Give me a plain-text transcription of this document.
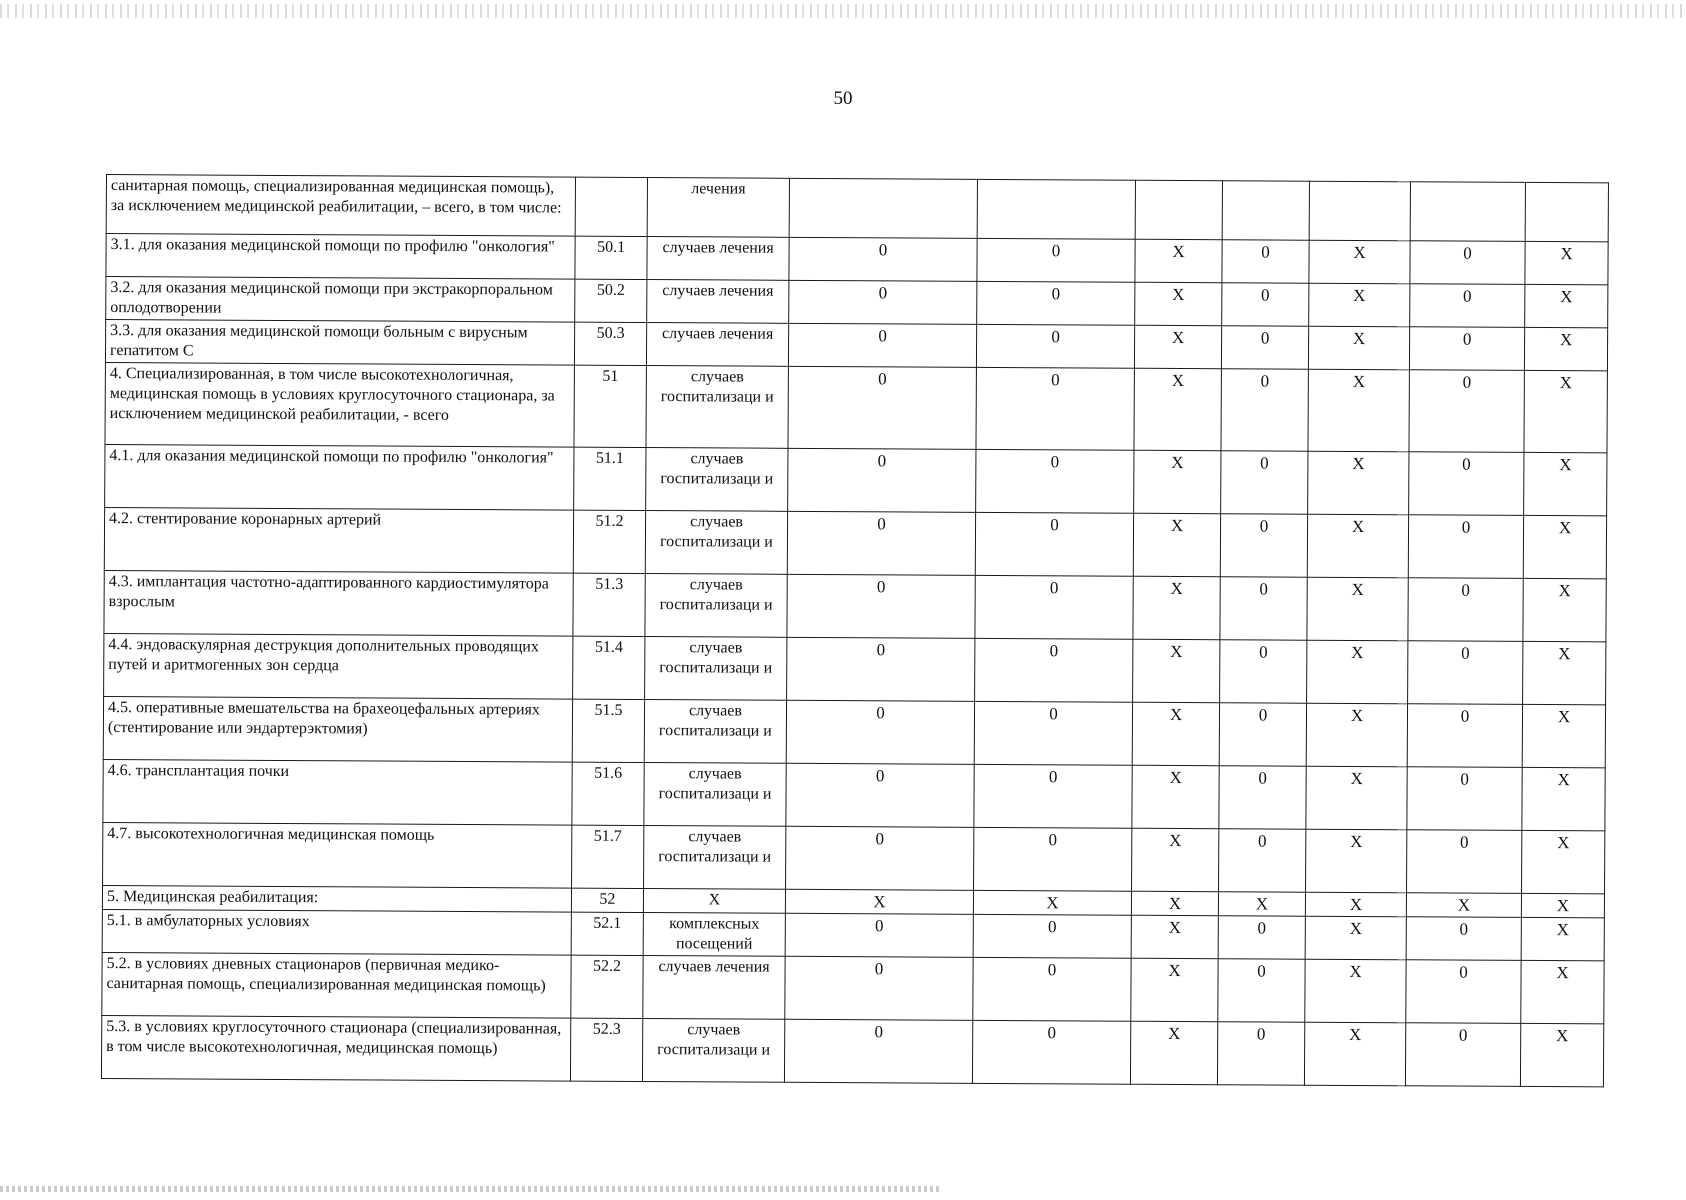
50
санитарная помощь, специализированная медицинская помощь), за исключением медицинской реабилитации, – всего, в том числе:		лечения							
3.1. для оказания медицинской помощи по профилю "онкология"	50.1	случаев лечения	0	0	X	0	X	0	X
3.2. для оказания медицинской помощи при экстракорпоральном оплодотворении	50.2	случаев лечения	0	0	X	0	X	0	X
3.3. для оказания медицинской помощи больным с вирусным гепатитом С	50.3	случаев лечения	0	0	X	0	X	0	X
4. Специализированная, в том числе высокотехнологичная, медицинская помощь в условиях круглосуточного стационара, за исключением медицинской реабилитации, - всего	51	случаев госпитализаци и	0	0	X	0	X	0	X
4.1. для оказания медицинской помощи по профилю "онкология"	51.1	случаев госпитализаци и	0	0	X	0	X	0	X
4.2. стентирование коронарных артерий	51.2	случаев госпитализаци и	0	0	X	0	X	0	X
4.3. имплантация частотно-адаптированного кардиостимулятора взрослым	51.3	случаев госпитализаци и	0	0	X	0	X	0	X
4.4. эндоваскулярная деструкция дополнительных проводящих путей и аритмогенных зон сердца	51.4	случаев госпитализаци и	0	0	X	0	X	0	X
4.5. оперативные вмешательства на брахеоцефальных артериях (стентирование или эндартерэктомия)	51.5	случаев госпитализаци и	0	0	X	0	X	0	X
4.6. трансплантация почки	51.6	случаев госпитализаци и	0	0	X	0	X	0	X
4.7. высокотехнологичная медицинская помощь	51.7	случаев госпитализаци и	0	0	X	0	X	0	X
5. Медицинская реабилитация:	52	X	X	X	X	X	X	X	X
5.1. в амбулаторных условиях	52.1	комплексных посещений	0	0	X	0	X	0	X
5.2. в условиях дневных стационаров (первичная медико-санитарная помощь, специализированная медицинская помощь)	52.2	случаев лечения	0	0	X	0	X	0	X
5.3. в условиях круглосуточного стационара (специализированная, в том числе высокотехнологичная, медицинская помощь)	52.3	случаев госпитализаци и	0	0	X	0	X	0	X
